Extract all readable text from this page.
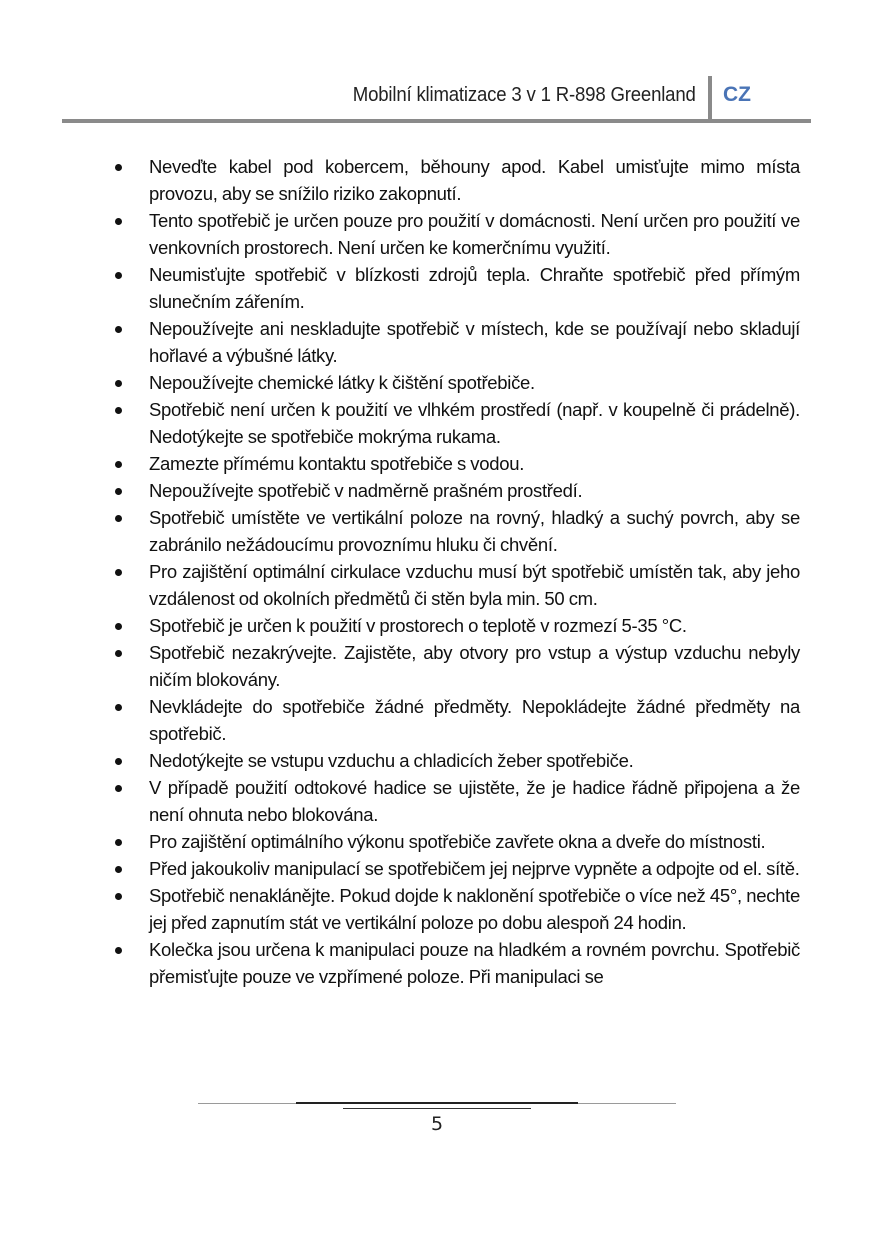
Mobilní klimatizace 3 v 1 R-898 Greenland CZ
Neveďte kabel pod kobercem, běhouny apod. Kabel umisťujte mimo místa provozu, aby se snížilo riziko zakopnutí.
Tento spotřebič je určen pouze pro použití v domácnosti. Není určen pro použití ve venkovních prostorech. Není určen ke komerčnímu využití.
Neumisťujte spotřebič v blízkosti zdrojů tepla. Chraňte spotřebič před přímým slunečním zářením.
Nepoužívejte ani neskladujte spotřebič v místech, kde se používají nebo skladují hořlavé a výbušné látky.
Nepoužívejte chemické látky k čištění spotřebiče.
Spotřebič není určen k použití ve vlhkém prostředí (např. v koupelně či prádelně). Nedotýkejte se spotřebiče mokrýma rukama.
Zamezte přímému kontaktu spotřebiče s vodou.
Nepoužívejte spotřebič v nadměrně prašném prostředí.
Spotřebič umístěte ve vertikální poloze na rovný, hladký a suchý povrch, aby se zabránilo nežádoucímu provoznímu hluku či chvění.
Pro zajištění optimální cirkulace vzduchu musí být spotřebič umístěn tak, aby jeho vzdálenost od okolních předmětů či stěn byla min. 50 cm.
Spotřebič je určen k použití v prostorech o teplotě v rozmezí 5-35 °C.
Spotřebič nezakrývejte. Zajistěte, aby otvory pro vstup a výstup vzduchu nebyly ničím blokovány.
Nevkládejte do spotřebiče žádné předměty. Nepokládejte žádné předměty na spotřebič.
Nedotýkejte se vstupu vzduchu a chladicích žeber spotřebiče.
V případě použití odtokové hadice se ujistěte, že je hadice řádně připojena a že není ohnuta nebo blokována.
Pro zajištění optimálního výkonu spotřebiče zavřete okna a dveře do místnosti.
Před jakoukoliv manipulací se spotřebičem jej nejprve vypněte a odpojte od el. sítě.
Spotřebič nenaklánějte. Pokud dojde k naklonění spotřebiče o více než 45°, nechte jej před zapnutím stát ve vertikální poloze po dobu alespoň 24 hodin.
Kolečka jsou určena k manipulaci pouze na hladkém a rovném povrchu. Spotřebič přemisťujte pouze ve vzpřímené poloze. Při manipulaci se
5
